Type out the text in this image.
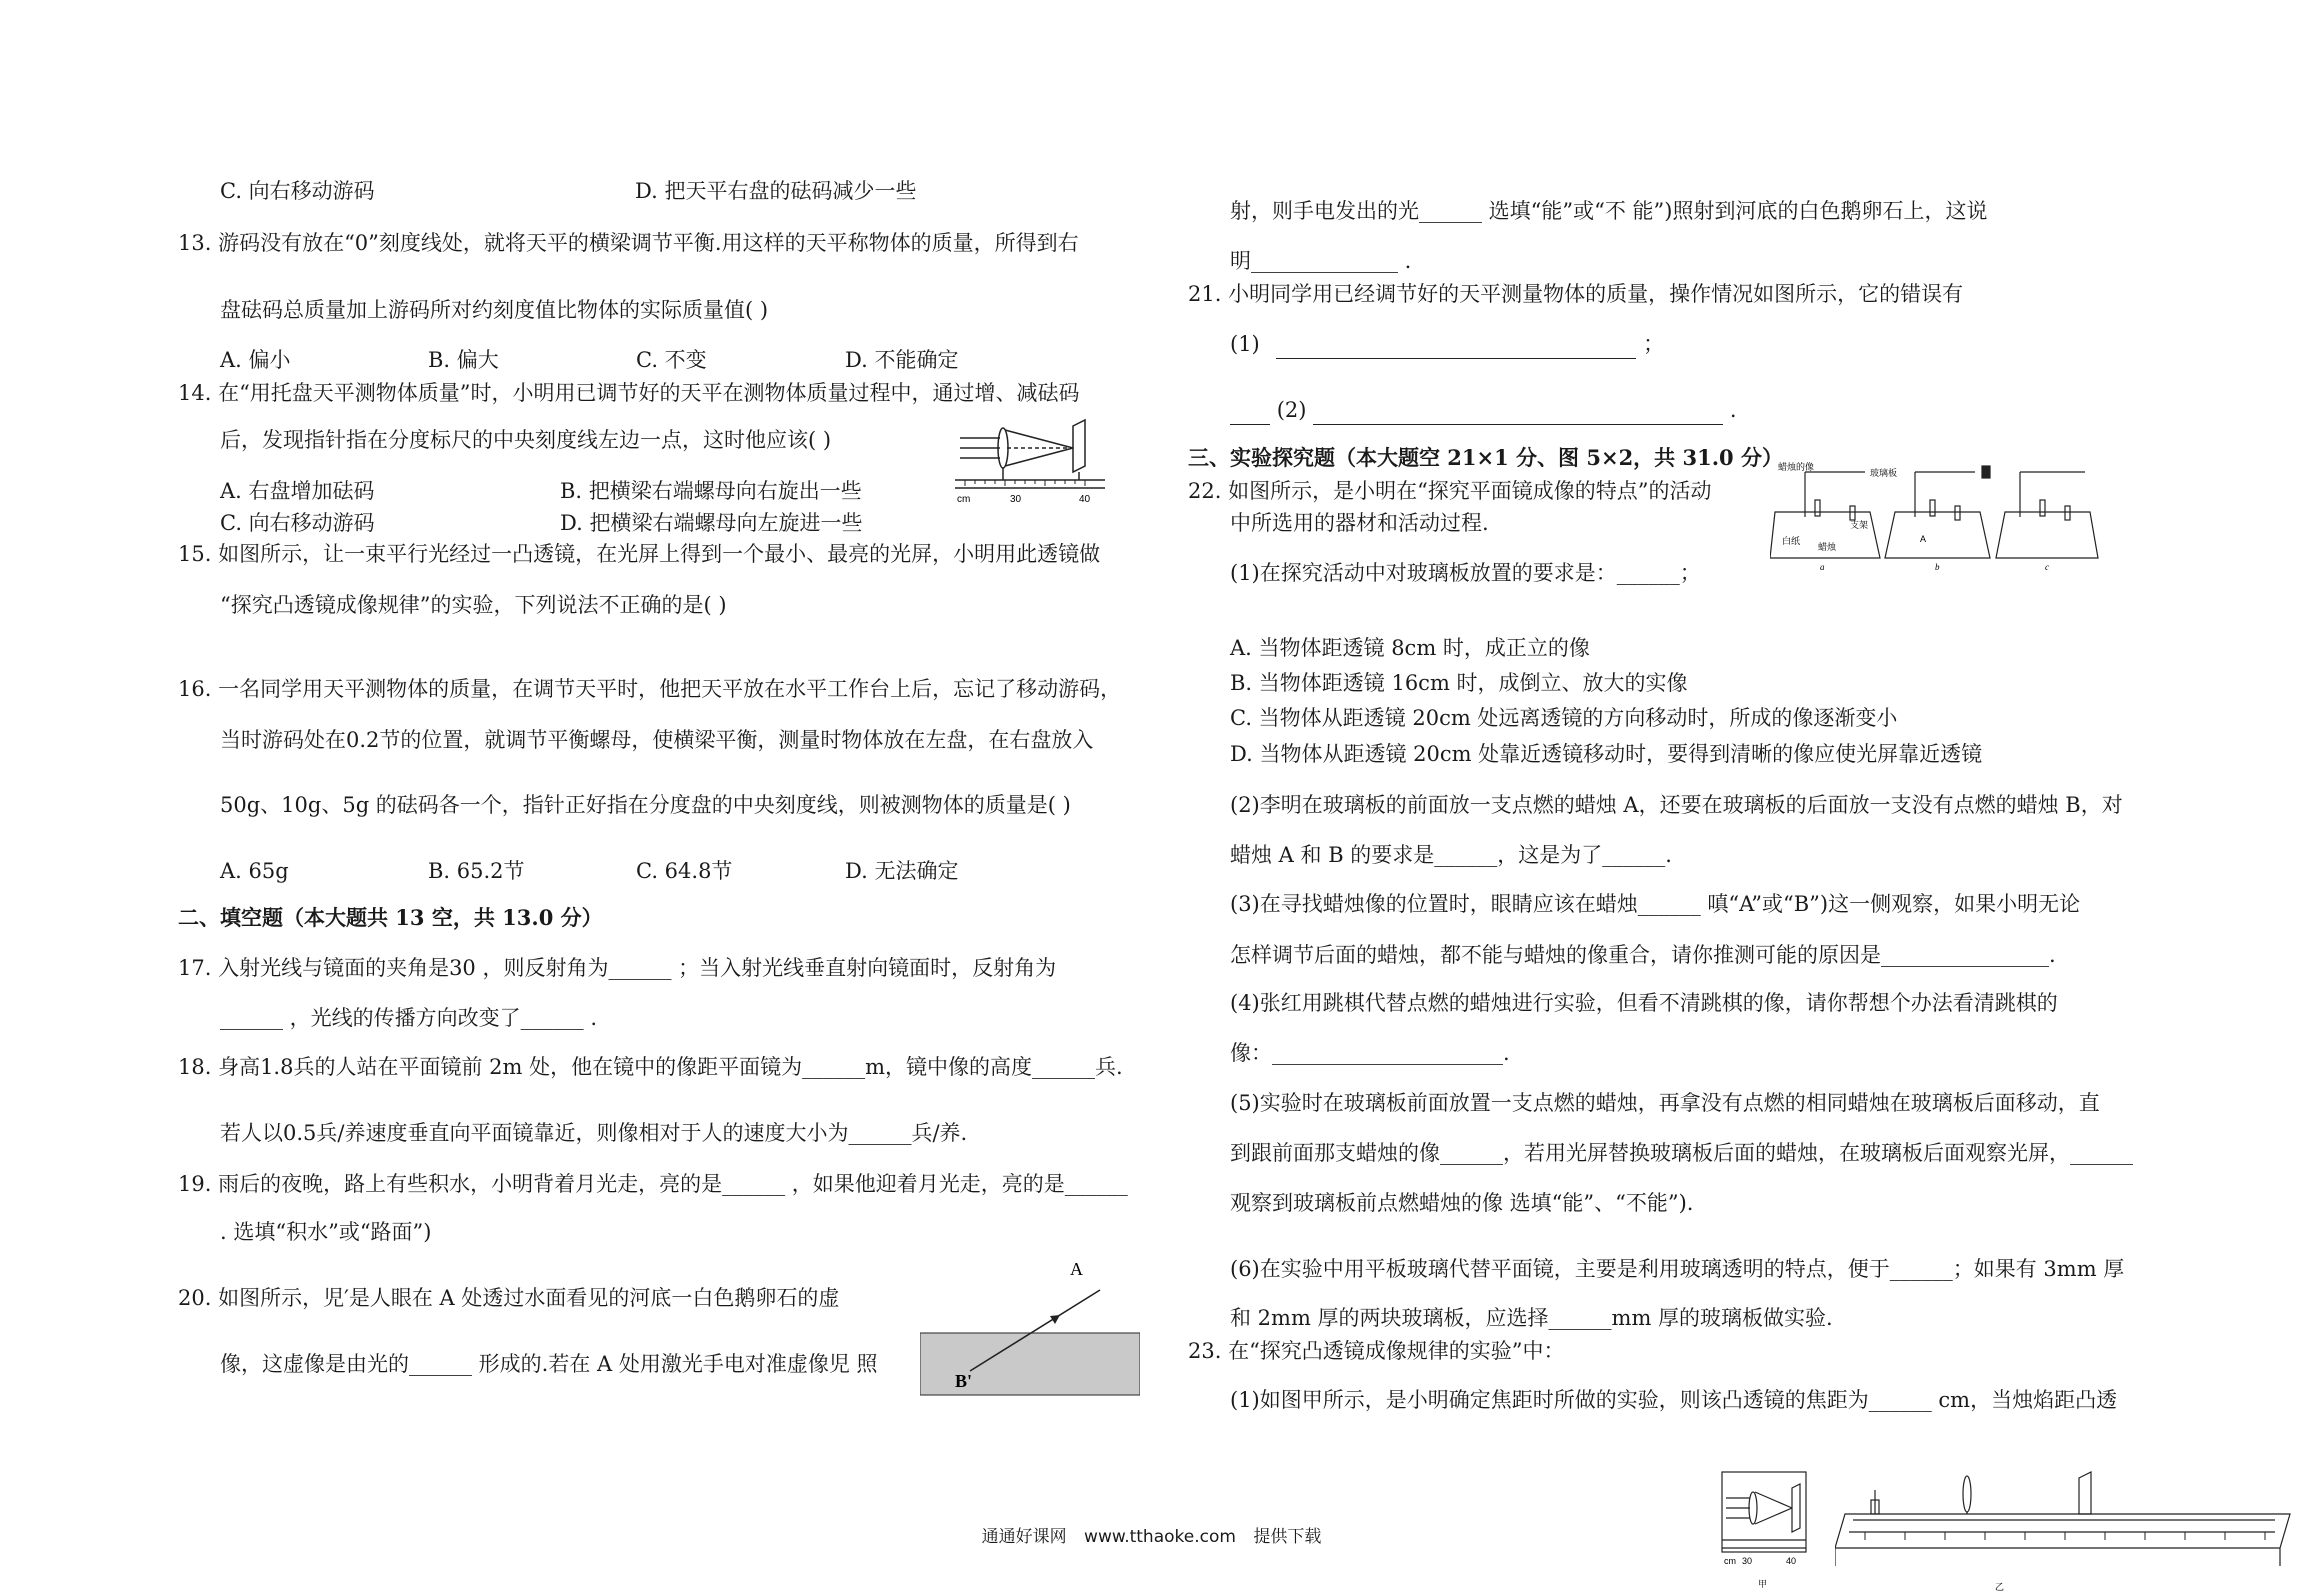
C. 向右移动游码	D. 把天平右盘的砝码减少一些
13. 游码没有放在“0”刻度线处，就将天平的横梁调节平衡.用这样的天平称物体的质量，所得到右
盘砝码总质量加上游码所对约刻度值比物体的实际质量值( )
A. 偏小	B. 偏大	C. 不变	D. 不能确定
14. 在“用托盘天平测物体质量”时，小明用已调节好的天平在测物体质量过程中，通过增、减砝码
后，发现指针指在分度标尺的中央刻度线左边一点，这时他应该( )
A. 右盘增加砝码	B. 把横梁右端螺母向右旋出一些
C. 向右移动游码	D. 把横梁右端螺母向左旋进一些
cm	30	40
15. 如图所示，让一束平行光经过一凸透镜，在光屏上得到一个最小、最亮的光屏，小明用此透镜做
“探究凸透镜成像规律”的实验，下列说法不正确的是( )
16. 一名同学用天平测物体的质量，在调节天平时，他把天平放在水平工作台上后，忘记了移动游码，
当时游码处在0.2节的位置，就调节平衡螺母，使横梁平衡，测量时物体放在左盘，在右盘放入
50g、10g、5g 的砝码各一个，指针正好指在分度盘的中央刻度线，则被测物体的质量是( )
A. 65g	B. 65.2节	C. 64.8节	D. 无法确定
二、填空题（本大题共 13 空，共 13.0 分）
17. 入射光线与镜面的夹角是30 ，则反射角为______ ；当入射光线垂直射向镜面时，反射角为
______ ，光线的传播方向改变了______ .
18. 身高1.8兵的人站在平面镜前 2m 处，他在镜中的像距平面镜为______m，镜中像的高度______兵.
若人以0.5兵/养速度垂直向平面镜靠近，则像相对于人的速度大小为______兵/养.
19. 雨后的夜晚，路上有些积水，小明背着月光走，亮的是______ ，如果他迎着月光走，亮的是______
. 选填“积水”或“路面”)
20. 如图所示，児′是人眼在 A 处透过水面看见的河底一白色鹅卵石的虚
像，这虚像是由光的______ 形成的.若在 A 处用激光手电对准虚像児 照
A
B'
射，则手电发出的光______ 选填“能”或“不 能”)照射到河底的白色鹅卵石上，这说
明______________ .
21. 小明同学用已经调节好的天平测量物体的质量，操作情况如图所示，它的错误有
(1)	；
(2)	.
三、实验探究题（本大题空 21×1 分、图 5×2，共 31.0 分）
22. 如图所示，是小明在“探究平面镜成像的特点”的活动
中所选用的器材和活动过程.
蜡烛的像
玻璃板
支架
蜡烛
白纸	A
a	b	c
(1)在探究活动中对玻璃板放置的要求是：______；
A. 当物体距透镜 8cm 时，成正立的像
B. 当物体距透镜 16cm 时，成倒立、放大的实像
C. 当物体从距透镜 20cm 处远离透镜的方向移动时，所成的像逐渐变小
D. 当物体从距透镜 20cm 处靠近透镜移动时，要得到清晰的像应使光屏靠近透镜
(2)李明在玻璃板的前面放一支点燃的蜡烛 A，还要在玻璃板的后面放一支没有点燃的蜡烛 B，对
蜡烛 A 和 B 的要求是______，这是为了______.
(3)在寻找蜡烛像的位置时，眼睛应该在蜡烛______ 嗔“A”或“B”)这一侧观察，如果小明无论
怎样调节后面的蜡烛，都不能与蜡烛的像重合，请你推测可能的原因是________________.
(4)张红用跳棋代替点燃的蜡烛进行实验，但看不清跳棋的像，请你帮想个办法看清跳棋的
像：______________________.
(5)实验时在玻璃板前面放置一支点燃的蜡烛，再拿没有点燃的相同蜡烛在玻璃板后面移动，直
到跟前面那支蜡烛的像______，若用光屏替换玻璃板后面的蜡烛，在玻璃板后面观察光屏，______
观察到玻璃板前点燃蜡烛的像 选填“能”、“不能”).
(6)在实验中用平板玻璃代替平面镜，主要是利用玻璃透明的特点，便于______；如果有 3mm 厚
和 2mm 厚的两块玻璃板，应选择______mm 厚的玻璃板做实验.
23. 在“探究凸透镜成像规律的实验”中：
(1)如图甲所示，是小明确定焦距时所做的实验，则该凸透镜的焦距为______ cm，当烛焰距凸透
cm 30	40
甲	乙
通通好课网 www.tthaoke.com 提供下载
